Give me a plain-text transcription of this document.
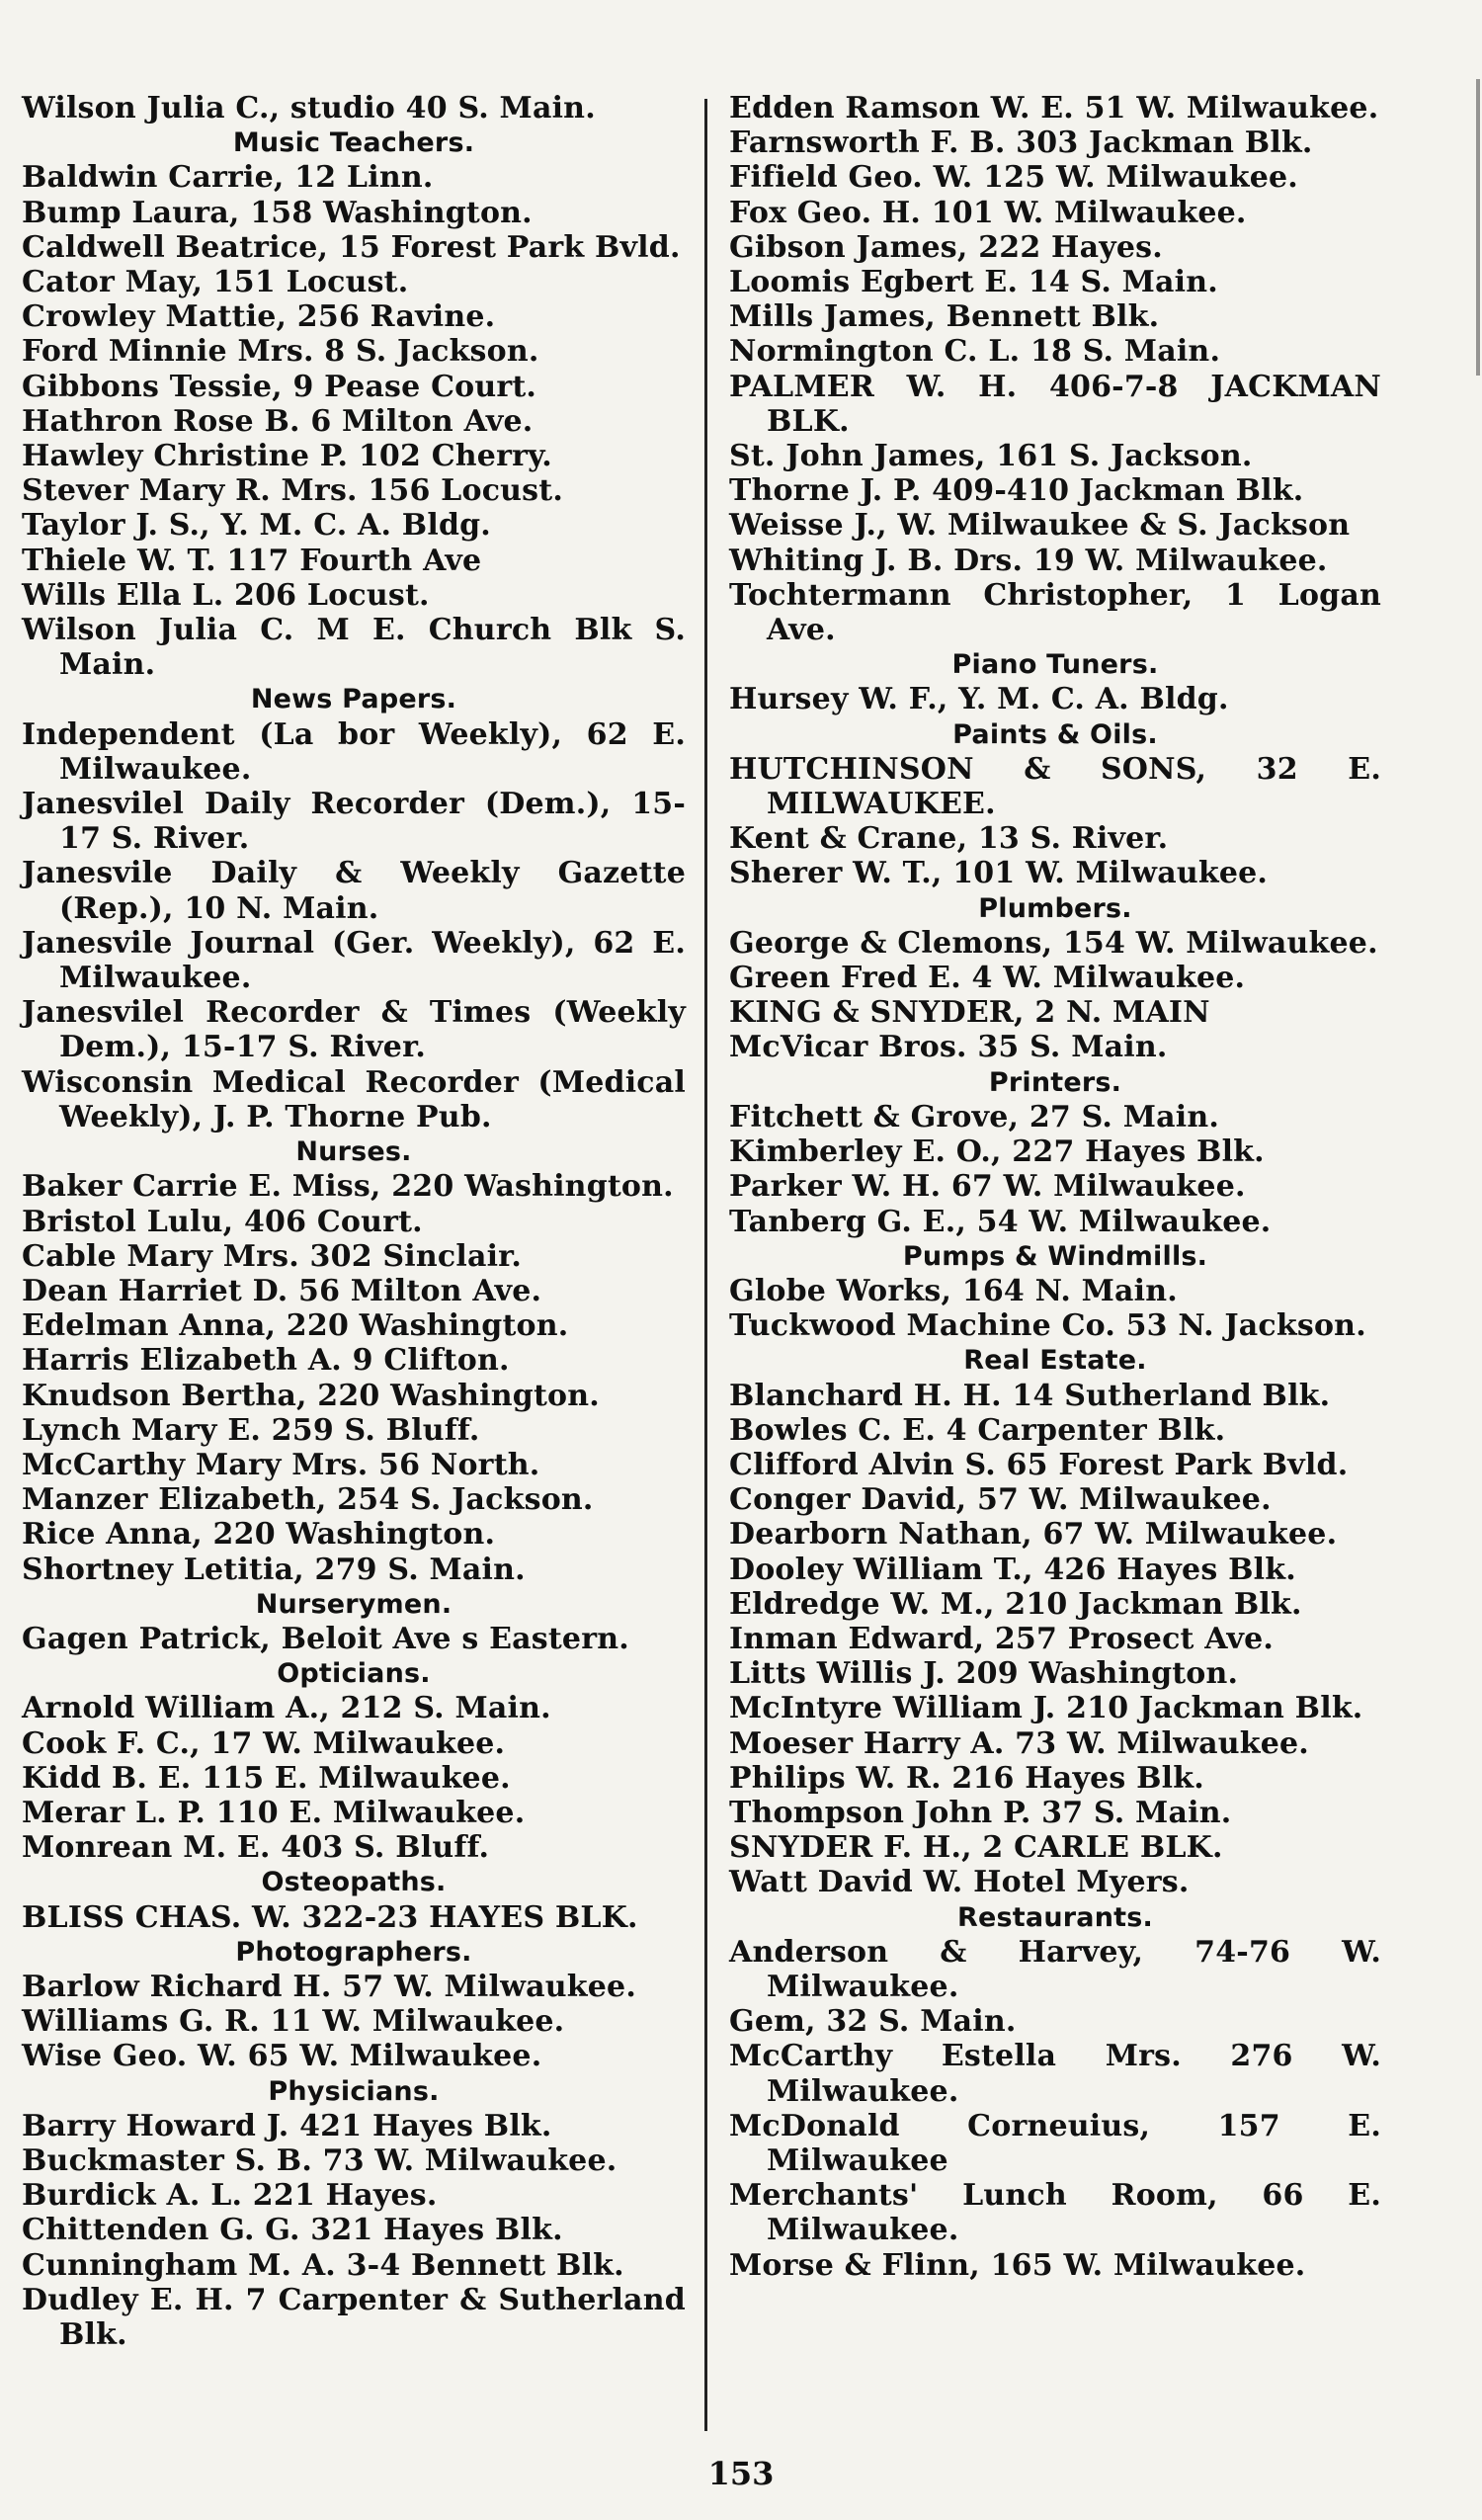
Wilson Julia C., studio 40 S. Main.
Music Teachers.
Baldwin Carrie, 12 Linn.
Bump Laura, 158 Washington.
Caldwell Beatrice, 15 Forest Park Bvld.
Cator May, 151 Locust.
Crowley Mattie, 256 Ravine.
Ford Minnie Mrs. 8 S. Jackson.
Gibbons Tessie, 9 Pease Court.
Hathron Rose B. 6 Milton Ave.
Hawley Christine P. 102 Cherry.
Stever Mary R. Mrs. 156 Locust.
Taylor J. S., Y. M. C. A. Bldg.
Thiele W. T. 117 Fourth Ave
Wills Ella L. 206 Locust.
Wilson Julia C. M E. Church Blk S. Main.
News Papers.
Independent (La bor Weekly), 62 E. Milwaukee.
Janesvilel Daily Recorder (Dem.), 15-17 S. River.
Janesvile Daily & Weekly Gazette (Rep.), 10 N. Main.
Janesvile Journal (Ger. Weekly), 62 E. Milwaukee.
Janesvilel Recorder & Times (Weekly Dem.), 15-17 S. River.
Wisconsin Medical Recorder (Medical Weekly), J. P. Thorne Pub.
Nurses.
Baker Carrie E. Miss, 220 Washington.
Bristol Lulu, 406 Court.
Cable Mary Mrs. 302 Sinclair.
Dean Harriet D. 56 Milton Ave.
Edelman Anna, 220 Washington.
Harris Elizabeth A. 9 Clifton.
Knudson Bertha, 220 Washington.
Lynch Mary E. 259 S. Bluff.
McCarthy Mary Mrs. 56 North.
Manzer Elizabeth, 254 S. Jackson.
Rice Anna, 220 Washington.
Shortney Letitia, 279 S. Main.
Nurserymen.
Gagen Patrick, Beloit Ave s Eastern.
Opticians.
Arnold William A., 212 S. Main.
Cook F. C., 17 W. Milwaukee.
Kidd B. E. 115 E. Milwaukee.
Merar L. P. 110 E. Milwaukee.
Monrean M. E. 403 S. Bluff.
Osteopaths.
BLISS CHAS. W. 322-23 HAYES BLK.
Photographers.
Barlow Richard H. 57 W. Milwaukee.
Williams G. R. 11 W. Milwaukee.
Wise Geo. W. 65 W. Milwaukee.
Physicians.
Barry Howard J. 421 Hayes Blk.
Buckmaster S. B. 73 W. Milwaukee.
Burdick A. L. 221 Hayes.
Chittenden G. G. 321 Hayes Blk.
Cunningham M. A. 3-4 Bennett Blk.
Dudley E. H. 7 Carpenter & Sutherland Blk.
Edden Ramson W. E. 51 W. Milwaukee.
Farnsworth F. B. 303 Jackman Blk.
Fifield Geo. W. 125 W. Milwaukee.
Fox Geo. H. 101 W. Milwaukee.
Gibson James, 222 Hayes.
Loomis Egbert E. 14 S. Main.
Mills James, Bennett Blk.
Normington C. L. 18 S. Main.
PALMER W. H. 406-7-8 JACKMAN BLK.
St. John James, 161 S. Jackson.
Thorne J. P. 409-410 Jackman Blk.
Weisse J., W. Milwaukee & S. Jackson
Whiting J. B. Drs. 19 W. Milwaukee.
Tochtermann Christopher, 1 Logan Ave.
Piano Tuners.
Hursey W. F., Y. M. C. A. Bldg.
Paints & Oils.
HUTCHINSON & SONS, 32 E. MILWAUKEE.
Kent & Crane, 13 S. River.
Sherer W. T., 101 W. Milwaukee.
Plumbers.
George & Clemons, 154 W. Milwaukee.
Green Fred E. 4 W. Milwaukee.
KING & SNYDER, 2 N. MAIN
McVicar Bros. 35 S. Main.
Printers.
Fitchett & Grove, 27 S. Main.
Kimberley E. O., 227 Hayes Blk.
Parker W. H. 67 W. Milwaukee.
Tanberg G. E., 54 W. Milwaukee.
Pumps & Windmills.
Globe Works, 164 N. Main.
Tuckwood Machine Co. 53 N. Jackson.
Real Estate.
Blanchard H. H. 14 Sutherland Blk.
Bowles C. E. 4 Carpenter Blk.
Clifford Alvin S. 65 Forest Park Bvld.
Conger David, 57 W. Milwaukee.
Dearborn Nathan, 67 W. Milwaukee.
Dooley William T., 426 Hayes Blk.
Eldredge W. M., 210 Jackman Blk.
Inman Edward, 257 Prosect Ave.
Litts Willis J. 209 Washington.
McIntyre William J. 210 Jackman Blk.
Moeser Harry A. 73 W. Milwaukee.
Philips W. R. 216 Hayes Blk.
Thompson John P. 37 S. Main.
SNYDER F. H., 2 CARLE BLK.
Watt David W. Hotel Myers.
Restaurants.
Anderson & Harvey, 74-76 W. Milwaukee.
Gem, 32 S. Main.
McCarthy Estella Mrs. 276 W. Milwaukee.
McDonald Corneuius, 157 E. Milwaukee
Merchants' Lunch Room, 66 E. Milwaukee.
Morse & Flinn, 165 W. Milwaukee.
153
